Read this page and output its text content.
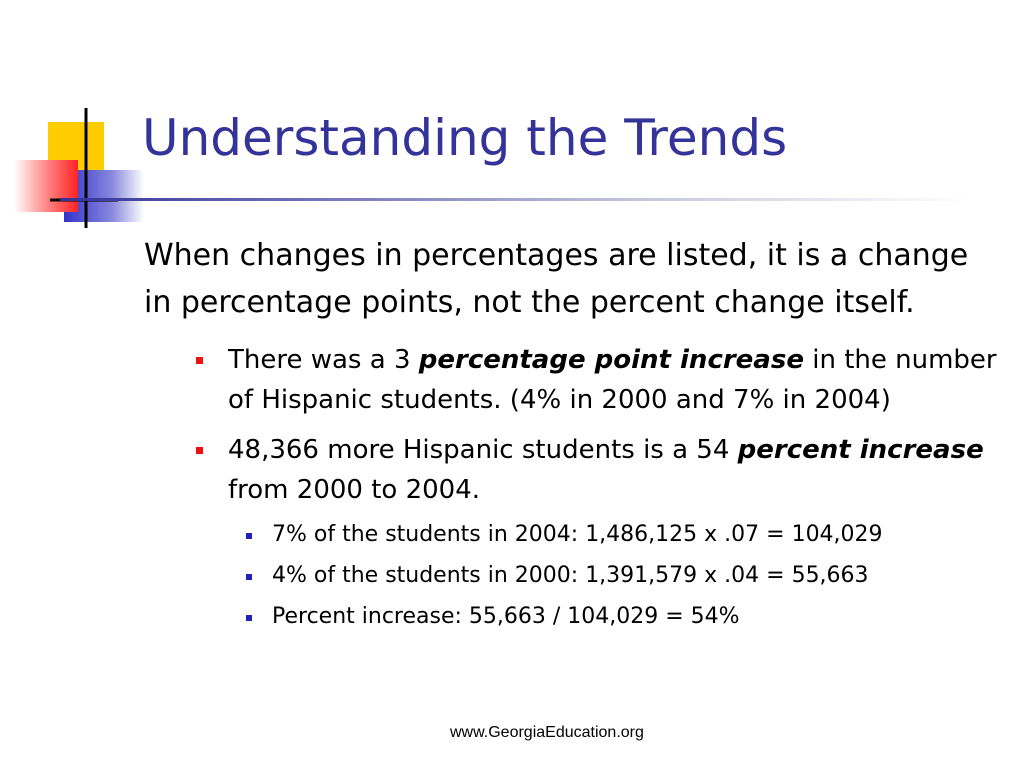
Understanding the Trends

When changes in percentages are listed, it is a change in percentage points, not the percent change itself.

There was a 3 percentage point increase in the number of Hispanic students. (4% in 2000 and 7% in 2004)
48,366 more Hispanic students is a 54 percent increase from 2000 to 2004.
7% of the students in 2004: 1,486,125 x .07 = 104,029
4% of the students in 2000: 1,391,579 x .04 = 55,663
Percent increase: 55,663 / 104,029 = 54%
www.GeorgiaEducation.org
